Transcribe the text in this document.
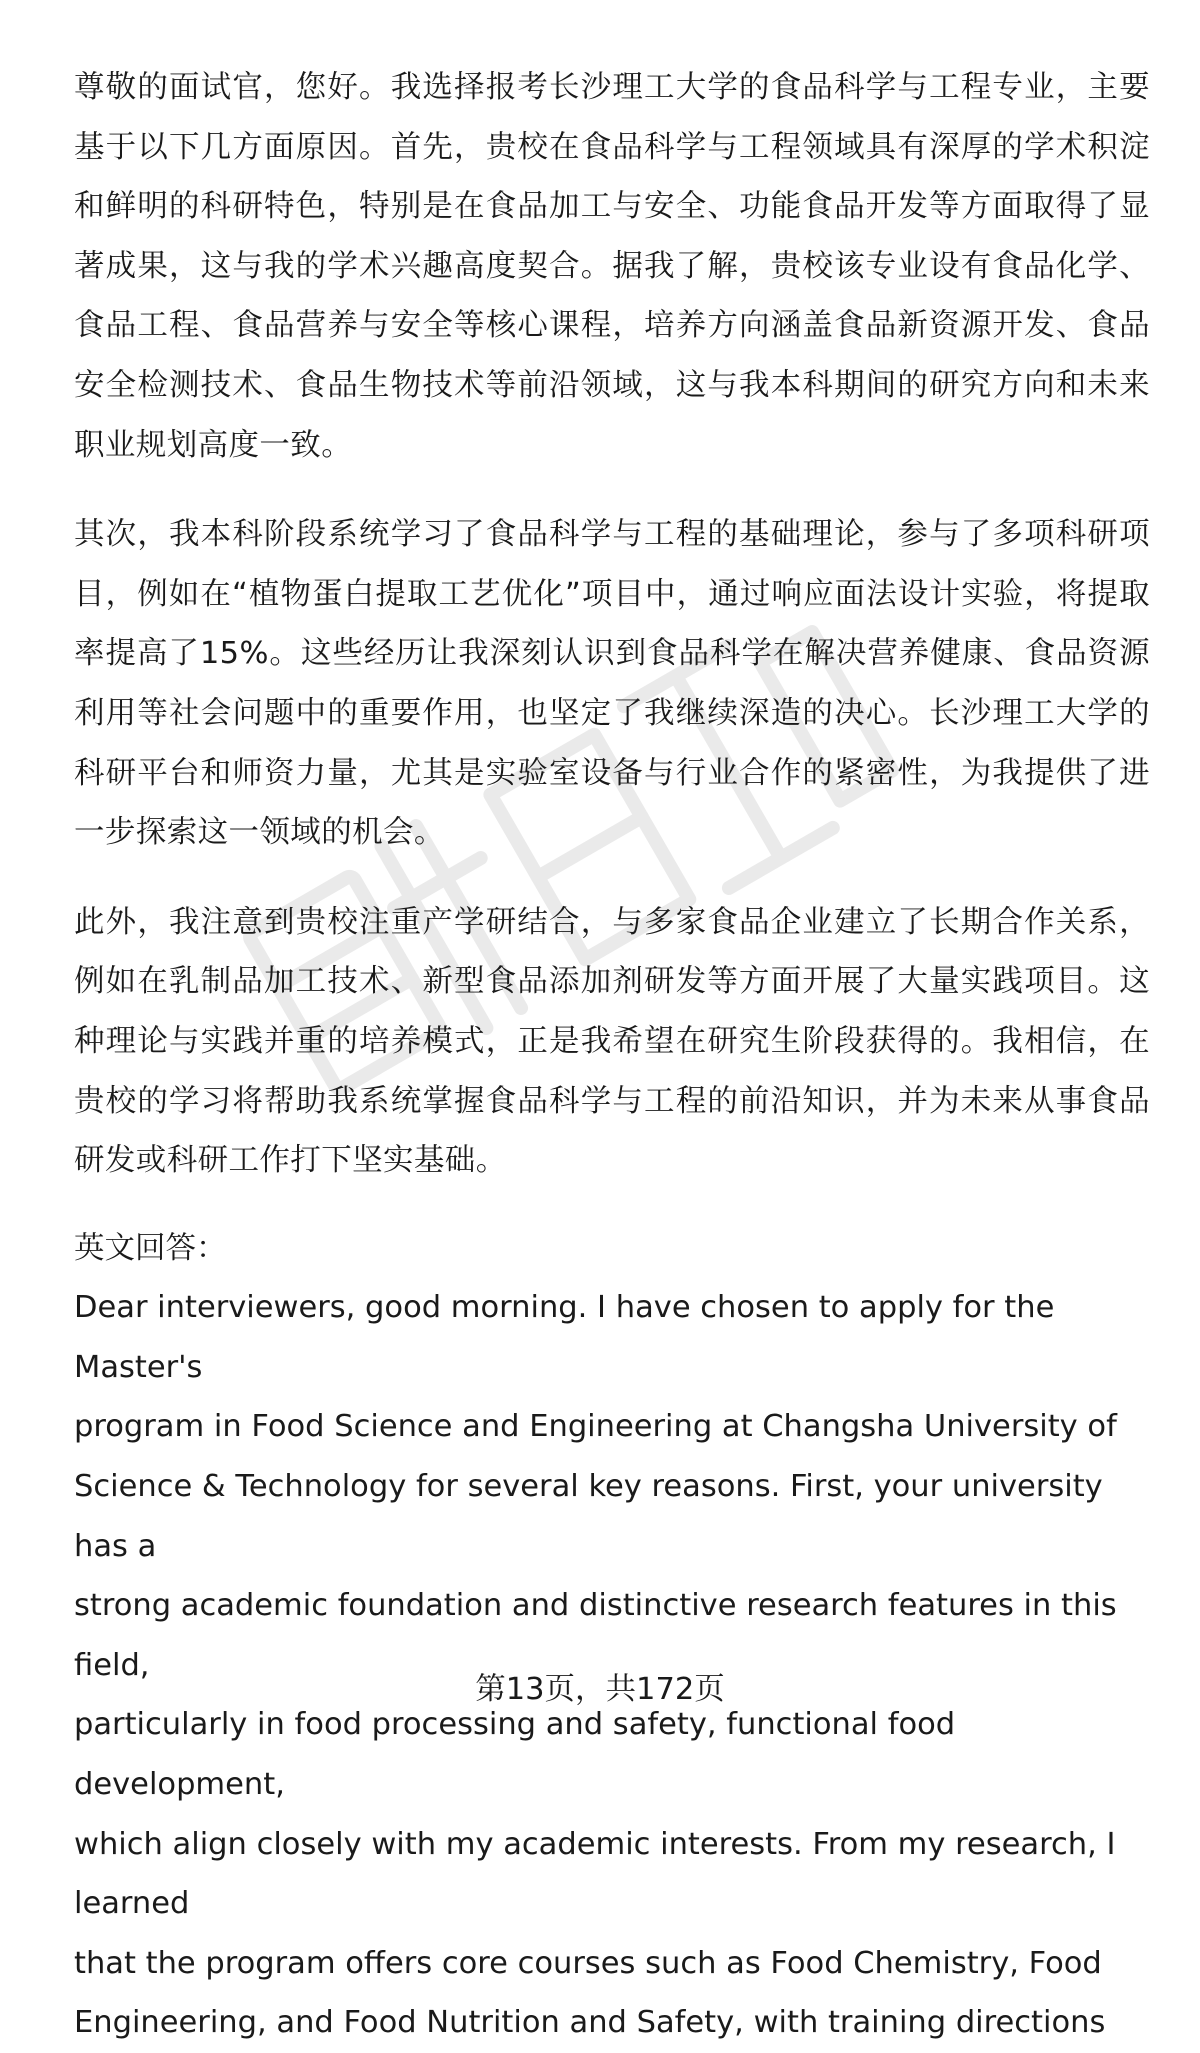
尊敬的面试官，您好。我选择报考长沙理工大学的食品科学与工程专业，主要基于以下几方面原因。首先，贵校在食品科学与工程领域具有深厚的学术积淀和鲜明的科研特色，特别是在食品加工与安全、功能食品开发等方面取得了显著成果，这与我的学术兴趣高度契合。据我了解，贵校该专业设有食品化学、食品工程、食品营养与安全等核心课程，培养方向涵盖食品新资源开发、食品安全检测技术、食品生物技术等前沿领域，这与我本科期间的研究方向和未来职业规划高度一致。

其次，我本科阶段系统学习了食品科学与工程的基础理论，参与了多项科研项目，例如在“植物蛋白提取工艺优化”项目中，通过响应面法设计实验，将提取率提高了15%。这些经历让我深刻认识到食品科学在解决营养健康、食品资源利用等社会问题中的重要作用，也坚定了我继续深造的决心。长沙理工大学的科研平台和师资力量，尤其是实验室设备与行业合作的紧密性，为我提供了进一步探索这一领域的机会。

此外，我注意到贵校注重产学研结合，与多家食品企业建立了长期合作关系，例如在乳制品加工技术、新型食品添加剂研发等方面开展了大量实践项目。这种理论与实践并重的培养模式，正是我希望在研究生阶段获得的。我相信，在贵校的学习将帮助我系统掌握食品科学与工程的前沿知识，并为未来从事食品研发或科研工作打下坚实基础。

英文回答：

Dear interviewers, good morning. I have chosen to apply for the Master's

program in Food Science and Engineering at Changsha University of

Science & Technology for several key reasons. First, your university has a

strong academic foundation and distinctive research features in this field,

particularly in food processing and safety, functional food development,

which align closely with my academic interests. From my research, I learned

that the program offers core courses such as Food Chemistry, Food

Engineering, and Food Nutrition and Safety, with training directions

第13页，共172页
